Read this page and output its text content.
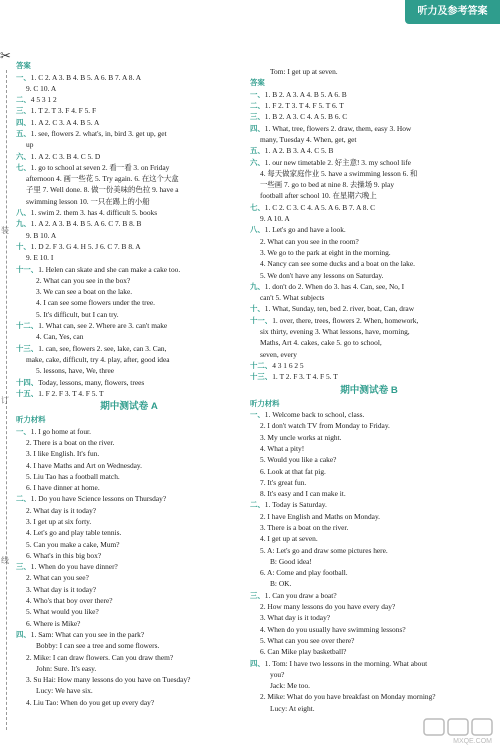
听力及参考答案
✂
装
订
线
答案
一、1. C 2. A 3. B 4. B 5. A 6. B 7. A 8. A
9. C 10. A
二、4 5 3 1 2
三、1. T 2. T 3. F 4. F 5. F
四、1. A 2. C 3. A 4. B 5. A
五、1. see, flowers 2. what's, in, bird 3. get up, get
up
六、1. A 2. C 3. B 4. C 5. D
七、1. go to school at seven 2. 看一看 3. on Friday
afternoon 4. 画一些花 5. Try again. 6. 在这个大盒
子里 7. Well done. 8. 做一份美味的色拉 9. have a
swimming lesson 10. 一只在踢上的小船
八、1. swim 2. them 3. has 4. difficult 5. books
九、1. A 2. A 3. B 4. B 5. A 6. C 7. B 8. B
9. B 10. A
十、1. D 2. F 3. G 4. H 5. J 6. C 7. B 8. A
9. E 10. I
十一、1. Helen can skate and she can make a cake too.
2. What can you see in the box?
3. We can see a boat on the lake.
4. I can see some flowers under the tree.
5. It's difficult, but I can try.
十二、1. What can, see 2. Where are 3. can't make
4. Can, Yes, can
十三、1. can, see, flowers 2. see, lake, can 3. Can,
make, cake, difficult, try 4. play, after, good idea
5. lessons, have, We, three
十四、Today, lessons, many, flowers, trees
十五、1. F 2. F 3. T 4. F 5. T
期中测试卷 A
听力材料
一、1. I go home at four.
2. There is a boat on the river.
3. I like English. It's fun.
4. I have Maths and Art on Wednesday.
5. Liu Tao has a football match.
6. I have dinner at home.
二、1. Do you have Science lessons on Thursday?
2. What day is it today?
3. I get up at six forty.
4. Let's go and play table tennis.
5. Can you make a cake, Mum?
6. What's in this big box?
三、1. When do you have dinner?
2. What can you see?
3. What day is it today?
4. Who's that boy over there?
5. What would you like?
6. Where is Mike?
四、1. Sam: What can you see in the park?
Bobby: I can see a tree and some flowers.
2. Mike: I can draw flowers. Can you draw them?
John: Sure. It's easy.
3. Su Hai: How many lessons do you have on Tuesday?
Lucy: We have six.
4. Liu Tao: When do you get up every day?
Tom: I get up at seven.
答案
一、1. B 2. A 3. A 4. B 5. A 6. B
二、1. F 2. T 3. T 4. F 5. T 6. T
三、1. B 2. A 3. C 4. A 5. B 6. C
四、1. What, tree, flowers 2. draw, them, easy 3. How
many, Tuesday 4. When, get, get
五、1. A 2. B 3. A 4. C 5. B
六、1. our new timetable 2. 好主意! 3. my school life
4. 每天做家庭作业 5. have a swimming lesson 6. 和
一些画 7. go to bed at nine 8. 去操场 9. play
football after school 10. 在星期六晚上
七、1. C 2. C 3. C 4. A 5. A 6. B 7. A 8. C
9. A 10. A
八、1. Let's go and have a look.
2. What can you see in the room?
3. We go to the park at eight in the morning.
4. Nancy can see some ducks and a boat on the lake.
5. We don't have any lessons on Saturday.
九、1. don't do 2. When do 3. has 4. Can, see, No, I
can't 5. What subjects
十、1. What, Sunday, ten, bed 2. river, boat, Can, draw
十一、1. over, there, trees, flowers 2. When, homework,
six thirty, evening 3. What lessons, have, morning,
Maths, Art 4. cakes, cake 5. go to school,
seven, every
十二、4 3 1 6 2 5
十三、1. T 2. F 3. T 4. F 5. T
期中测试卷 B
听力材料
一、1. Welcome back to school, class.
2. I don't watch TV from Monday to Friday.
3. My uncle works at night.
4. What a pity!
5. Would you like a cake?
6. Look at that fat pig.
7. It's great fun.
8. It's easy and I can make it.
二、1. Today is Saturday.
2. I have English and Maths on Monday.
3. There is a boat on the river.
4. I get up at seven.
5. A: Let's go and draw some pictures here.
B: Good idea!
6. A: Come and play football.
B: OK.
三、1. Can you draw a boat?
2. How many lessons do you have every day?
3. What day is it today?
4. When do you usually have swimming lessons?
5. What can you see over there?
6. Can Mike play basketball?
四、1. Tom: I have two lessons in the morning. What about
you?
Jack: Me too.
2. Mike: What do you have breakfast on Monday morning?
Lucy: At eight.
MXQE.COM
